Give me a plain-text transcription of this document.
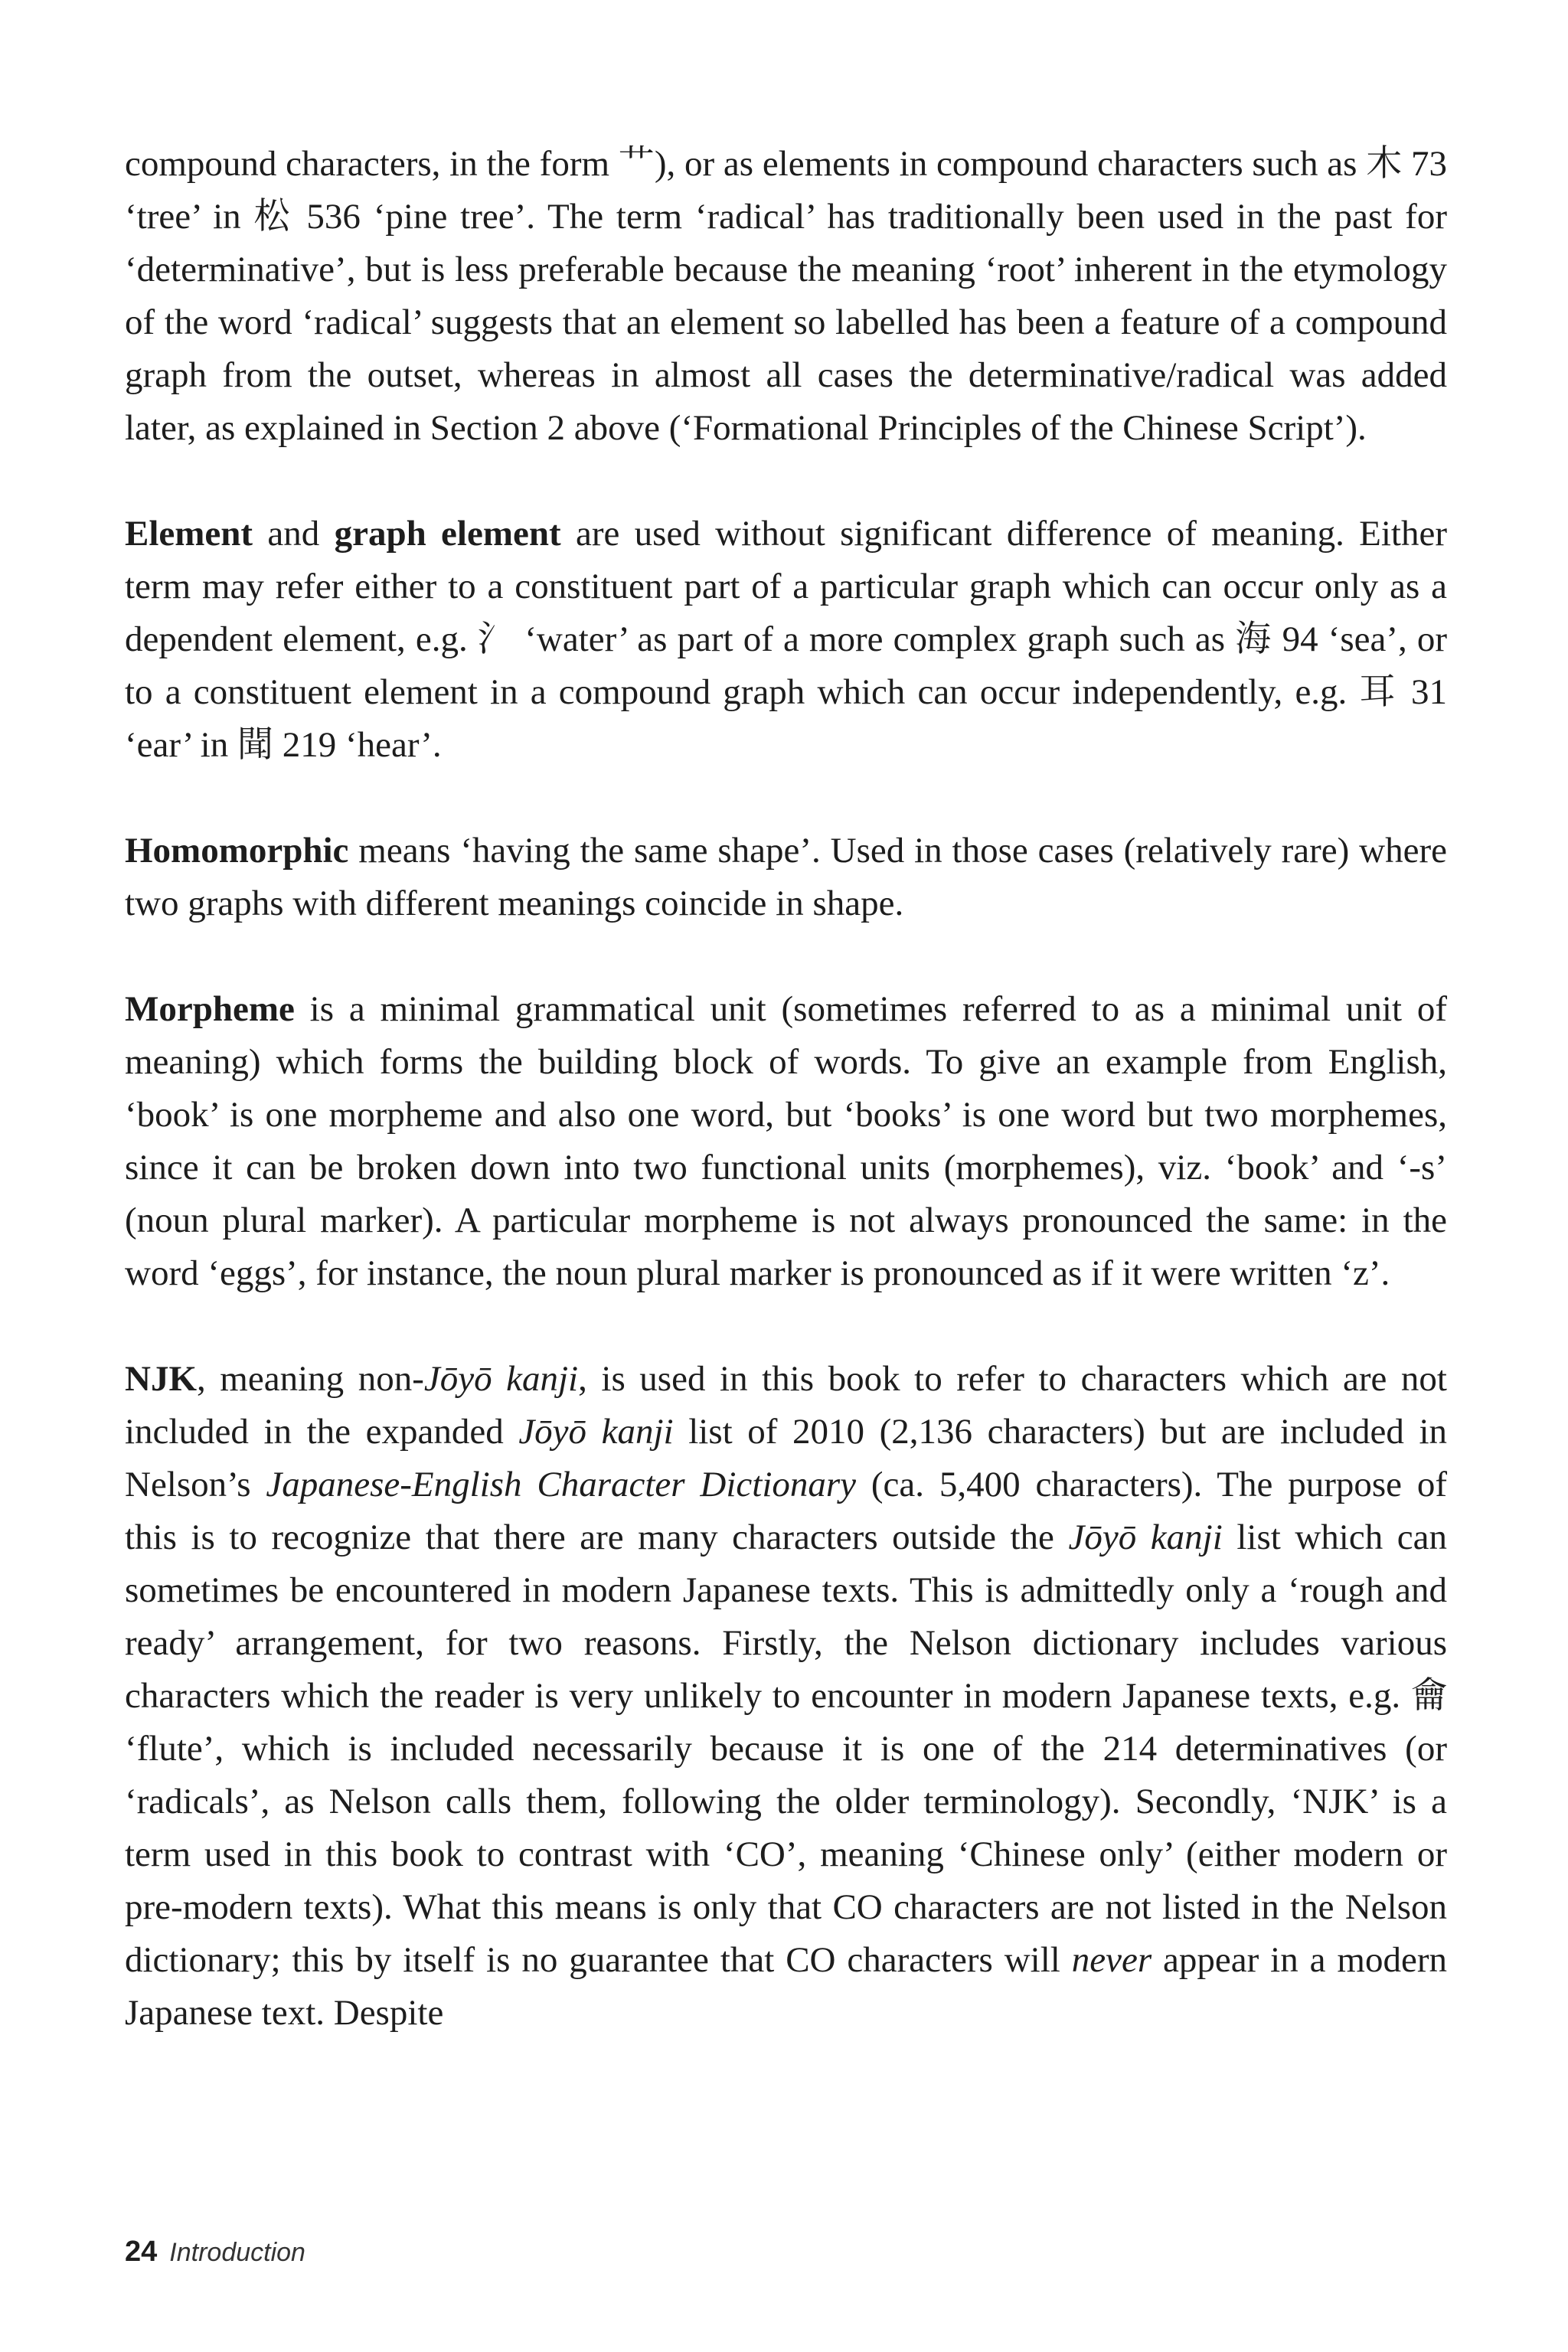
compound characters, in the form 艹), or as elements in compound characters such as 木 73 ‘tree’ in 松 536 ‘pine tree’. The term ‘radical’ has traditionally been used in the past for ‘determinative’, but is less preferable because the meaning ‘root’ inherent in the etymology of the word ‘radical’ suggests that an element so labelled has been a feature of a compound graph from the outset, whereas in almost all cases the determinative/radical was added later, as explained in Section 2 above (‘Formational Principles of the Chinese Script’).

Element and graph element are used without significant difference of meaning. Either term may refer either to a constituent part of a particular graph which can occur only as a dependent element, e.g. 氵 ‘water’ as part of a more complex graph such as 海 94 ‘sea’, or to a constituent element in a compound graph which can occur independently, e.g. 耳 31 ‘ear’ in 聞 219 ‘hear’.

Homomorphic means ‘having the same shape’. Used in those cases (relatively rare) where two graphs with different meanings coincide in shape.

Morpheme is a minimal grammatical unit (sometimes referred to as a minimal unit of meaning) which forms the building block of words. To give an example from English, ‘book’ is one morpheme and also one word, but ‘books’ is one word but two morphemes, since it can be broken down into two functional units (morphemes), viz. ‘book’ and ‘-s’ (noun plural marker). A particular morpheme is not always pronounced the same: in the word ‘eggs’, for instance, the noun plural marker is pronounced as if it were written ‘z’.

NJK, meaning non-Jōyō kanji, is used in this book to refer to characters which are not included in the expanded Jōyō kanji list of 2010 (2,136 characters) but are included in Nelson’s Japanese-English Character Dictionary (ca. 5,400 characters). The purpose of this is to recognize that there are many characters outside the Jōyō kanji list which can sometimes be encountered in modern Japanese texts. This is admittedly only a ‘rough and ready’ arrangement, for two reasons. Firstly, the Nelson dictionary includes various characters which the reader is very unlikely to encounter in modern Japanese texts, e.g. 龠 ‘flute’, which is included necessarily because it is one of the 214 determinatives (or ‘radicals’, as Nelson calls them, following the older terminology). Secondly, ‘NJK’ is a term used in this book to contrast with ‘CO’, meaning ‘Chinese only’ (either modern or pre-modern texts). What this means is only that CO characters are not listed in the Nelson dictionary; this by itself is no guarantee that CO characters will never appear in a modern Japanese text. Despite

24 Introduction
